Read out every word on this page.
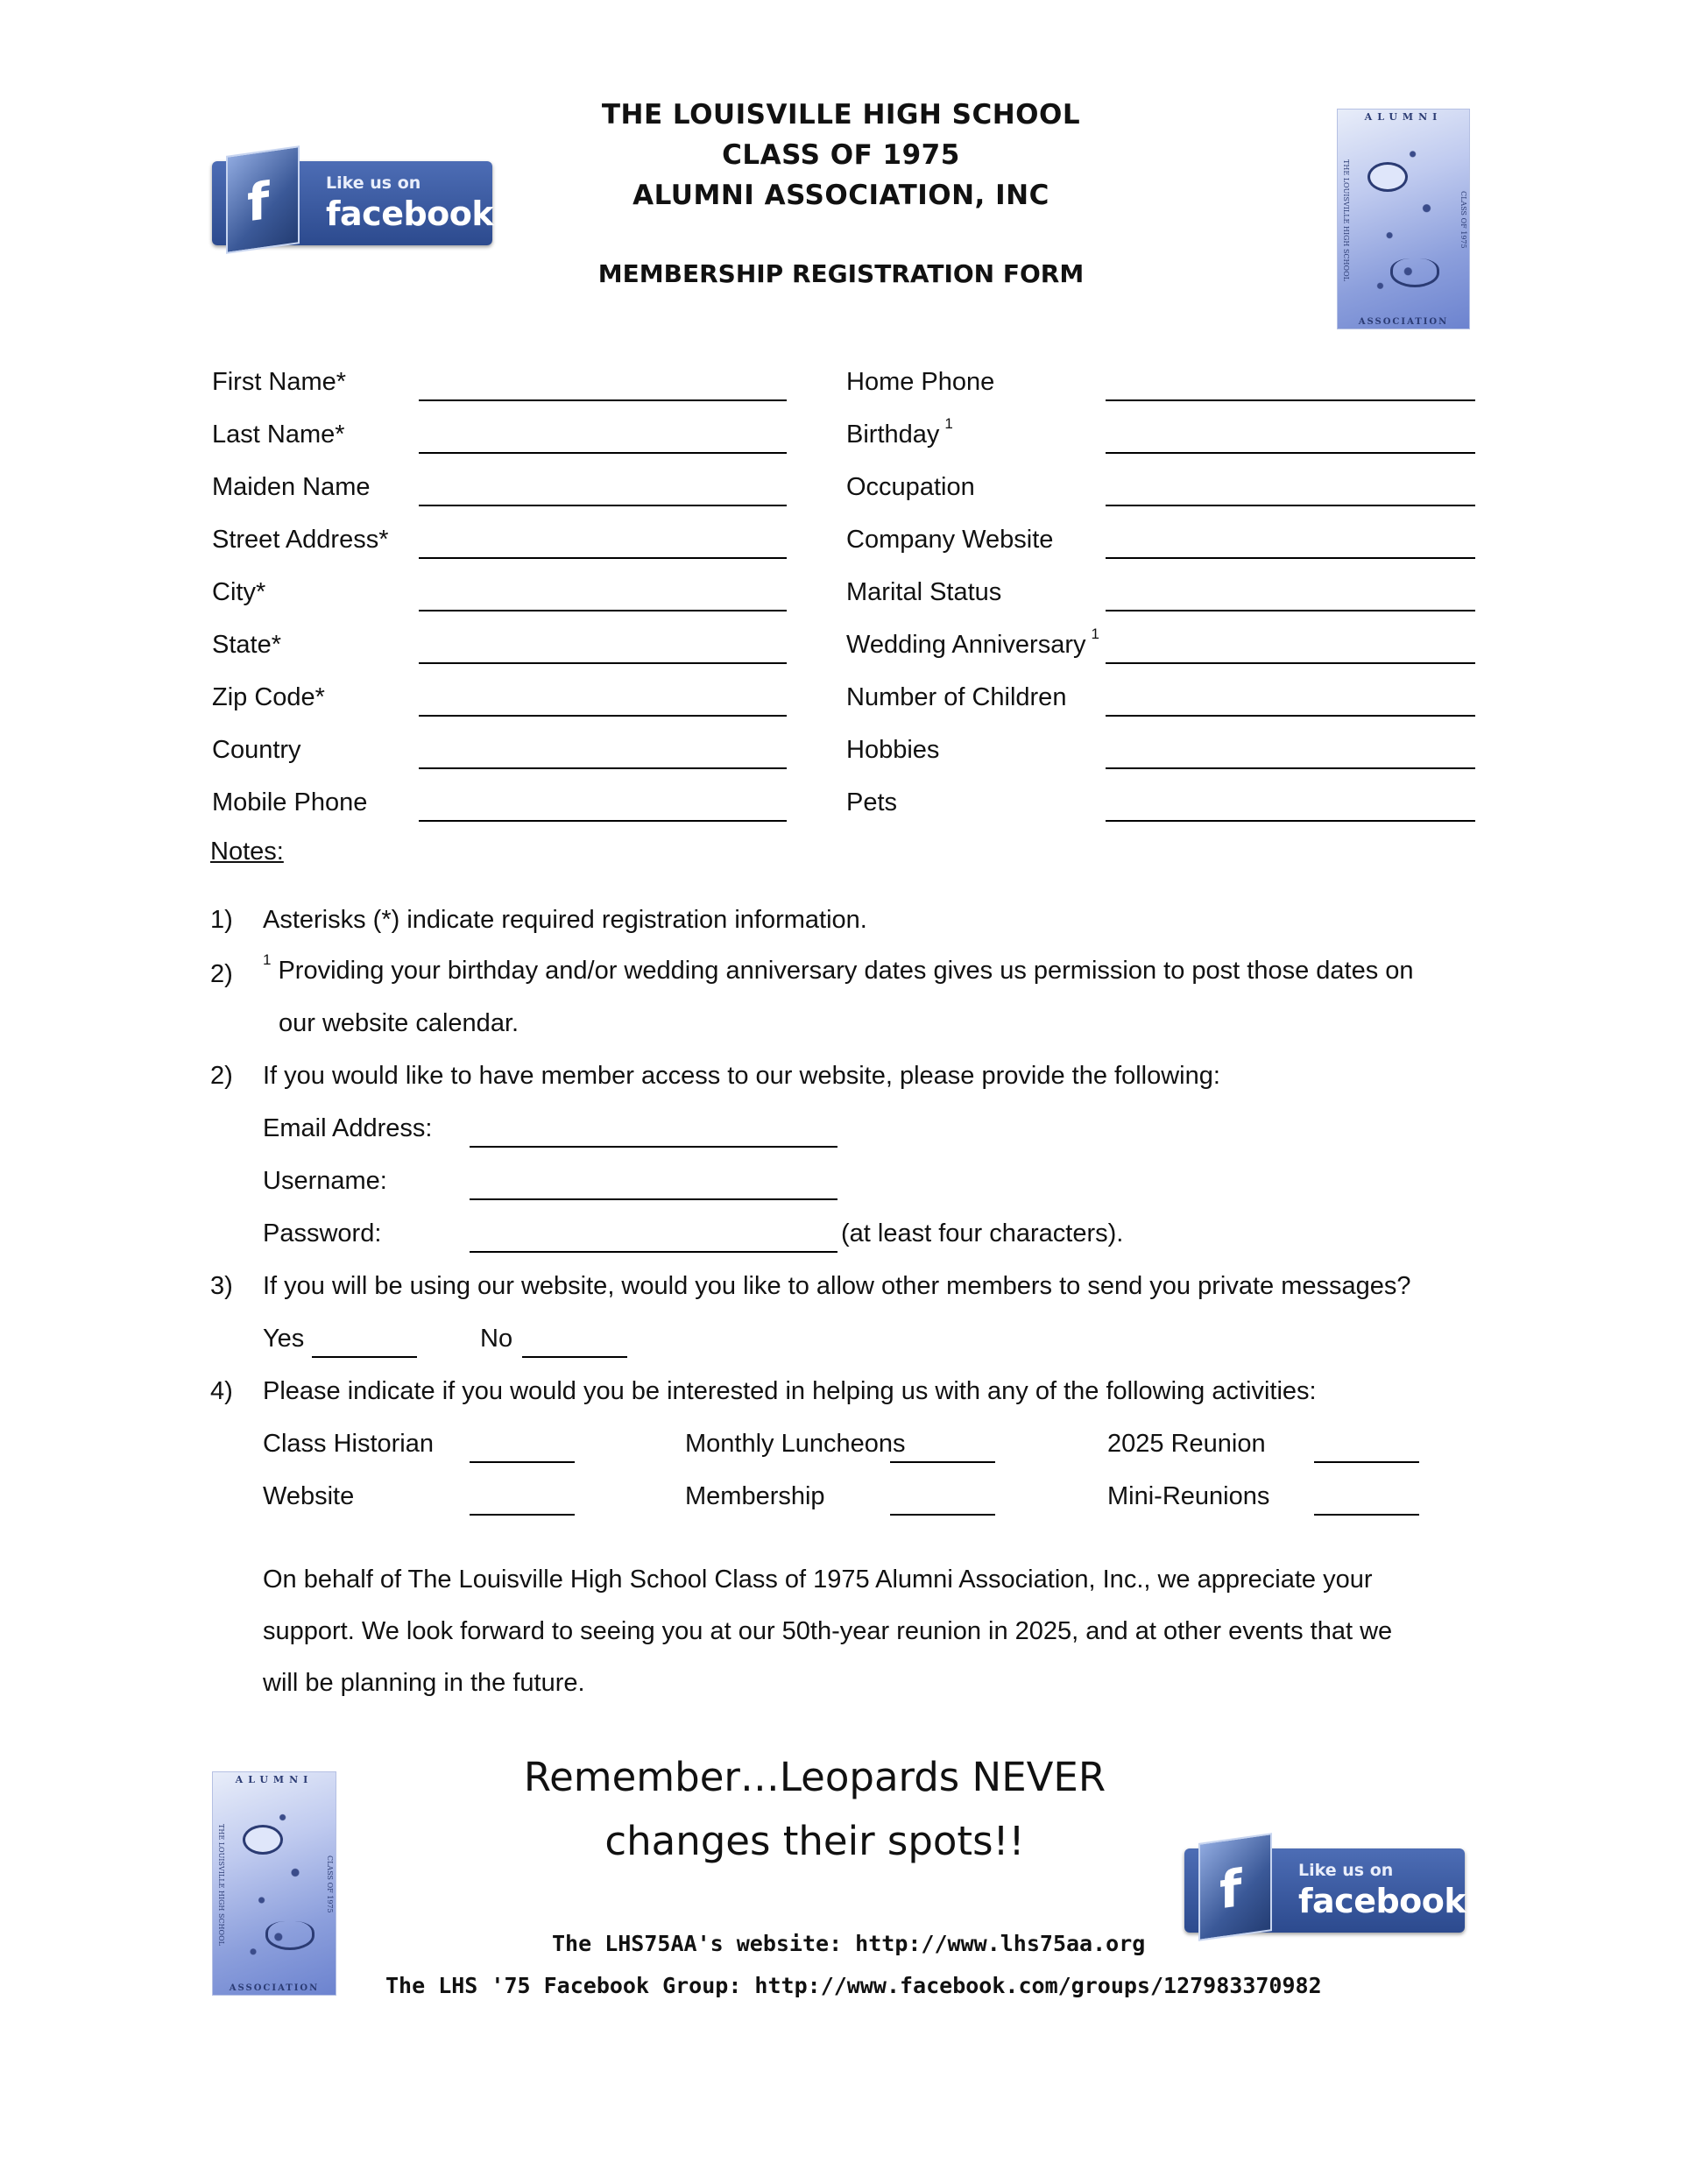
THE LOUISVILLE HIGH SCHOOL
CLASS OF 1975
ALUMNI ASSOCIATION, INC
MEMBERSHIP REGISTRATION FORM
f	Like us on
facebook
ALUMNI
THE LOUISVILLE HIGH SCHOOL	CLASS OF 1975
ASSOCIATION
First Name*
Last Name*
Maiden Name
Street Address*
City*
State*
Zip Code*
Country
Mobile Phone
Home Phone
Birthday $^1$
Occupation
Company Website
Marital Status
Wedding Anniversary $^1$
Number of Children
Hobbies
Pets
Notes:
1) Asterisks (*) indicate required registration information.
2)
$^1$ Providing your birthday and/or wedding anniversary dates gives us permission to post those dates on
our website calendar.
2) If you would like to have member access to our website, please provide the following:
Email Address:
Username:
Password:	(at least four characters).
3) If you will be using our website, would you like to allow other members to send you private messages?
Yes	No
4) Please indicate if you would you be interested in helping us with any of the following activities:
Class Historian	Monthly Luncheons	2025 Reunion
Website	Membership	Mini-Reunions
On behalf of The Louisville High School Class of 1975 Alumni Association, Inc., we appreciate your
support. We look forward to seeing you at our 50th-year reunion in 2025, and at other events that we
will be planning in the future.
Remember…Leopards NEVER
changes their spots!!
ALUMNI
THE LOUISVILLE HIGH SCHOOL	CLASS OF 1975
ASSOCIATION
f	Like us on
facebook
The LHS75AA's website: http://www.lhs75aa.org
The LHS '75 Facebook Group: http://www.facebook.com/groups/127983370982
